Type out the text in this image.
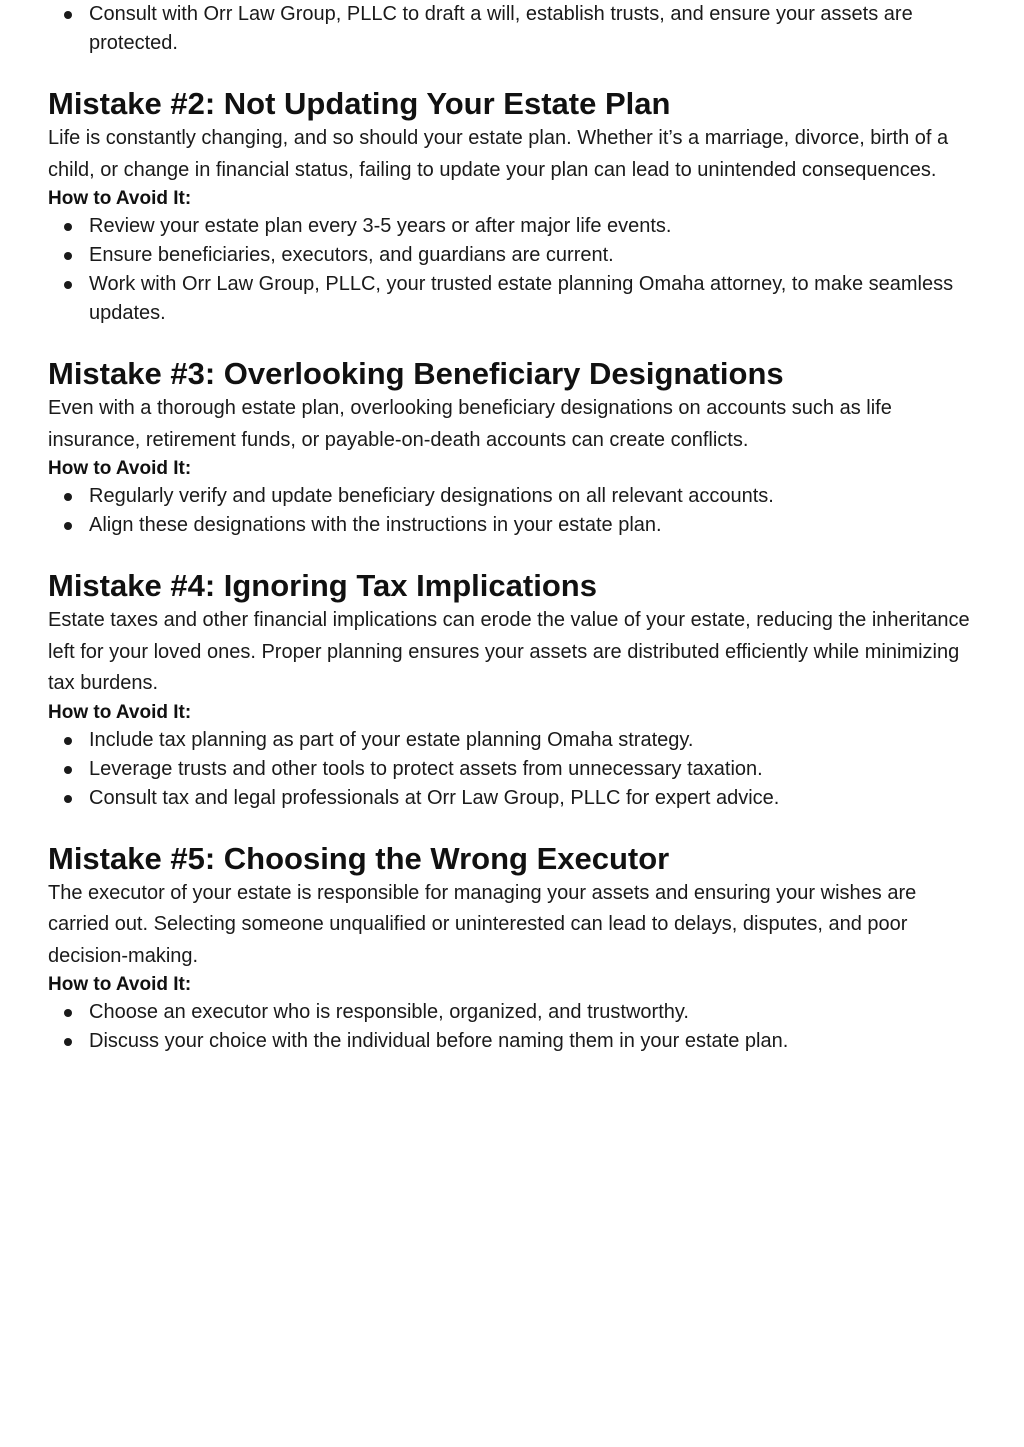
Consult with Orr Law Group, PLLC to draft a will, establish trusts, and ensure your assets are protected.
Mistake #2: Not Updating Your Estate Plan

Life is constantly changing, and so should your estate plan. Whether it’s a marriage, divorce, birth of a child, or change in financial status, failing to update your plan can lead to unintended consequences.

How to Avoid It:

Review your estate plan every 3-5 years or after major life events.
Ensure beneficiaries, executors, and guardians are current.
Work with Orr Law Group, PLLC, your trusted estate planning Omaha attorney, to make seamless updates.
Mistake #3: Overlooking Beneficiary Designations

Even with a thorough estate plan, overlooking beneficiary designations on accounts such as life insurance, retirement funds, or payable-on-death accounts can create conflicts.

How to Avoid It:

Regularly verify and update beneficiary designations on all relevant accounts.
Align these designations with the instructions in your estate plan.
Mistake #4: Ignoring Tax Implications

Estate taxes and other financial implications can erode the value of your estate, reducing the inheritance left for your loved ones. Proper planning ensures your assets are distributed efficiently while minimizing tax burdens.

How to Avoid It:

Include tax planning as part of your estate planning Omaha strategy.
Leverage trusts and other tools to protect assets from unnecessary taxation.
Consult tax and legal professionals at Orr Law Group, PLLC for expert advice.
Mistake #5: Choosing the Wrong Executor

The executor of your estate is responsible for managing your assets and ensuring your wishes are carried out. Selecting someone unqualified or uninterested can lead to delays, disputes, and poor decision-making.

How to Avoid It:

Choose an executor who is responsible, organized, and trustworthy.
Discuss your choice with the individual before naming them in your estate plan.
